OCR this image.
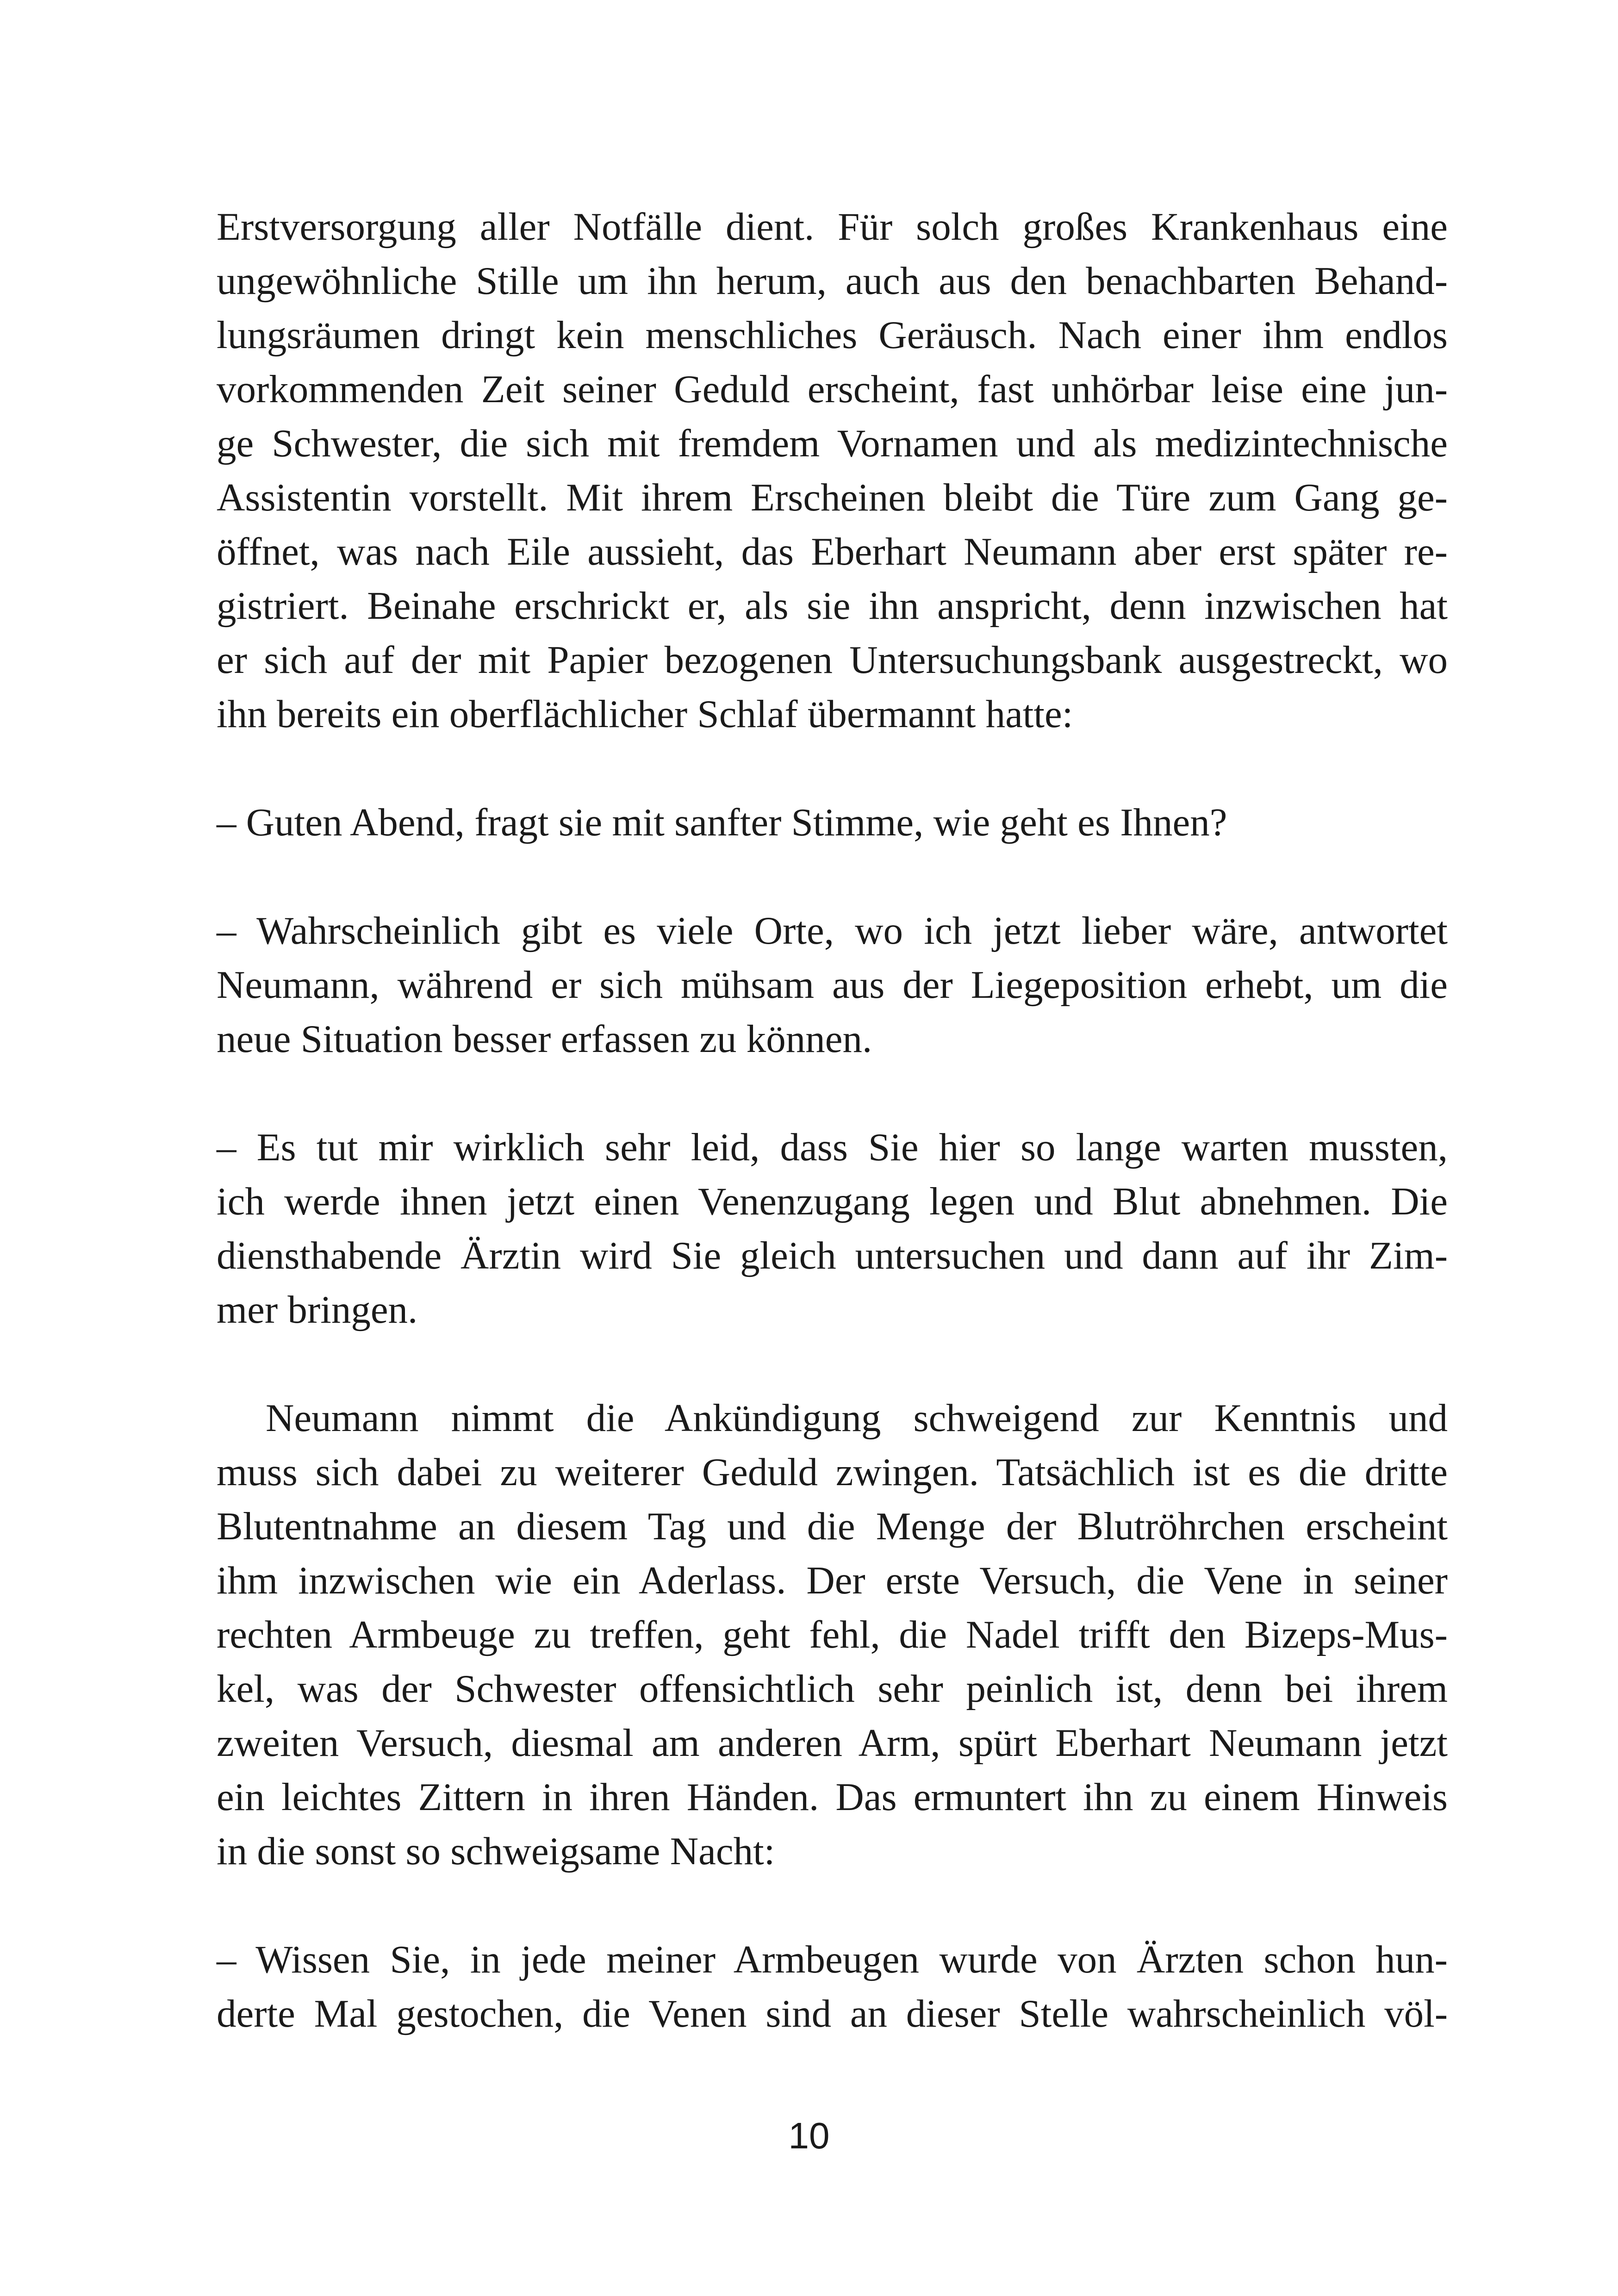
Erstversorgung aller Notfälle dient. Für solch großes Krankenhaus eine
ungewöhnliche Stille um ihn herum, auch aus den benachbarten Behand-
lungsräumen dringt kein menschliches Geräusch. Nach einer ihm endlos
vorkommenden Zeit seiner Geduld erscheint, fast unhörbar leise eine jun-
ge Schwester, die sich mit fremdem Vornamen und als medizintechnische
Assistentin vorstellt. Mit ihrem Erscheinen bleibt die Türe zum Gang ge-
öffnet, was nach Eile aussieht, das Eberhart Neumann aber erst später re-
gistriert. Beinahe erschrickt er, als sie ihn anspricht, denn inzwischen hat
er sich auf der mit Papier bezogenen Untersuchungsbank ausgestreckt, wo
ihn bereits ein oberflächlicher Schlaf übermannt hatte:
– Guten Abend, fragt sie mit sanfter Stimme, wie geht es Ihnen?
– Wahrscheinlich gibt es viele Orte, wo ich jetzt lieber wäre, antwortet
Neumann, während er sich mühsam aus der Liegeposition erhebt, um die
neue Situation besser erfassen zu können.
– Es tut mir wirklich sehr leid, dass Sie hier so lange warten mussten,
ich werde ihnen jetzt einen Venenzugang legen und Blut abnehmen. Die
diensthabende Ärztin wird Sie gleich untersuchen und dann auf ihr Zim-
mer bringen.
Neumann nimmt die Ankündigung schweigend zur Kenntnis und
muss sich dabei zu weiterer Geduld zwingen. Tatsächlich ist es die dritte
Blutentnahme an diesem Tag und die Menge der Blutröhrchen erscheint
ihm inzwischen wie ein Aderlass. Der erste Versuch, die Vene in seiner
rechten Armbeuge zu treffen, geht fehl, die Nadel trifft den Bizeps-Mus-
kel, was der Schwester offensichtlich sehr peinlich ist, denn bei ihrem
zweiten Versuch, diesmal am anderen Arm, spürt Eberhart Neumann jetzt
ein leichtes Zittern in ihren Händen. Das ermuntert ihn zu einem Hinweis
in die sonst so schweigsame Nacht:
– Wissen Sie, in jede meiner Armbeugen wurde von Ärzten schon hun-
derte Mal gestochen, die Venen sind an dieser Stelle wahrscheinlich völ-
10
